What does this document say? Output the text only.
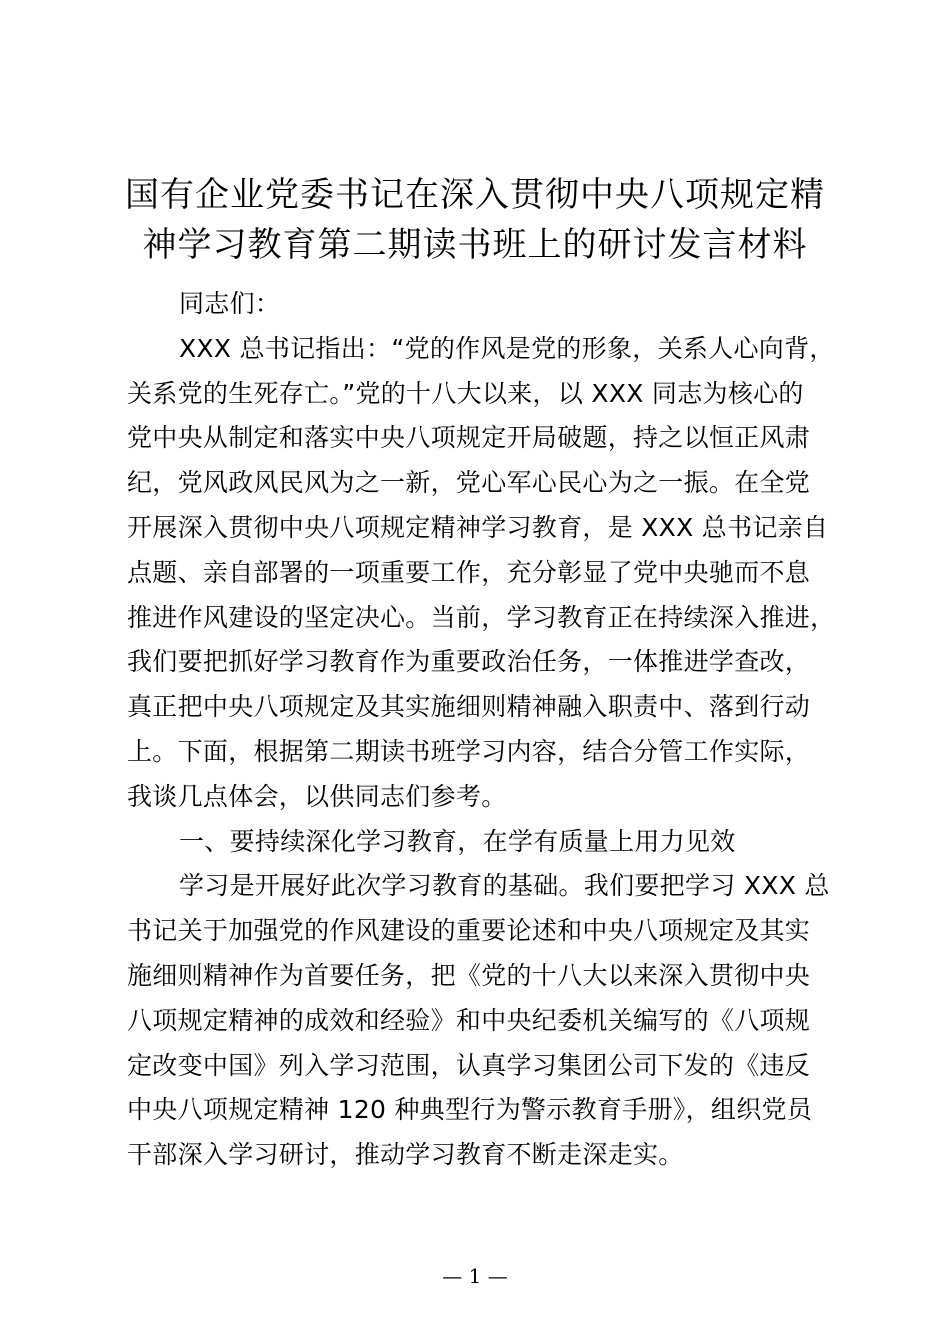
国有企业党委书记在深入贯彻中央八项规定精
神学习教育第二期读书班上的研讨发言材料
同志们：
XXX 总书记指出：“党的作风是党的形象，关系人心向背，
关系党的生死存亡。”党的十八大以来，以 XXX 同志为核心的
党中央从制定和落实中央八项规定开局破题，持之以恒正风肃
纪，党风政风民风为之一新，党心军心民心为之一振。在全党
开展深入贯彻中央八项规定精神学习教育，是 XXX 总书记亲自
点题、亲自部署的一项重要工作，充分彰显了党中央驰而不息
推进作风建设的坚定决心。当前，学习教育正在持续深入推进，
我们要把抓好学习教育作为重要政治任务，一体推进学查改，
真正把中央八项规定及其实施细则精神融入职责中、落到行动
上。下面，根据第二期读书班学习内容，结合分管工作实际，
我谈几点体会，以供同志们参考。
一、要持续深化学习教育，在学有质量上用力见效
学习是开展好此次学习教育的基础。我们要把学习 XXX 总
书记关于加强党的作风建设的重要论述和中央八项规定及其实
施细则精神作为首要任务，把《党的十八大以来深入贯彻中央
八项规定精神的成效和经验》和中央纪委机关编写的《八项规
定改变中国》列入学习范围，认真学习集团公司下发的《违反
中央八项规定精神 120 种典型行为警示教育手册》，组织党员
干部深入学习研讨，推动学习教育不断走深走实。
— 1 —
